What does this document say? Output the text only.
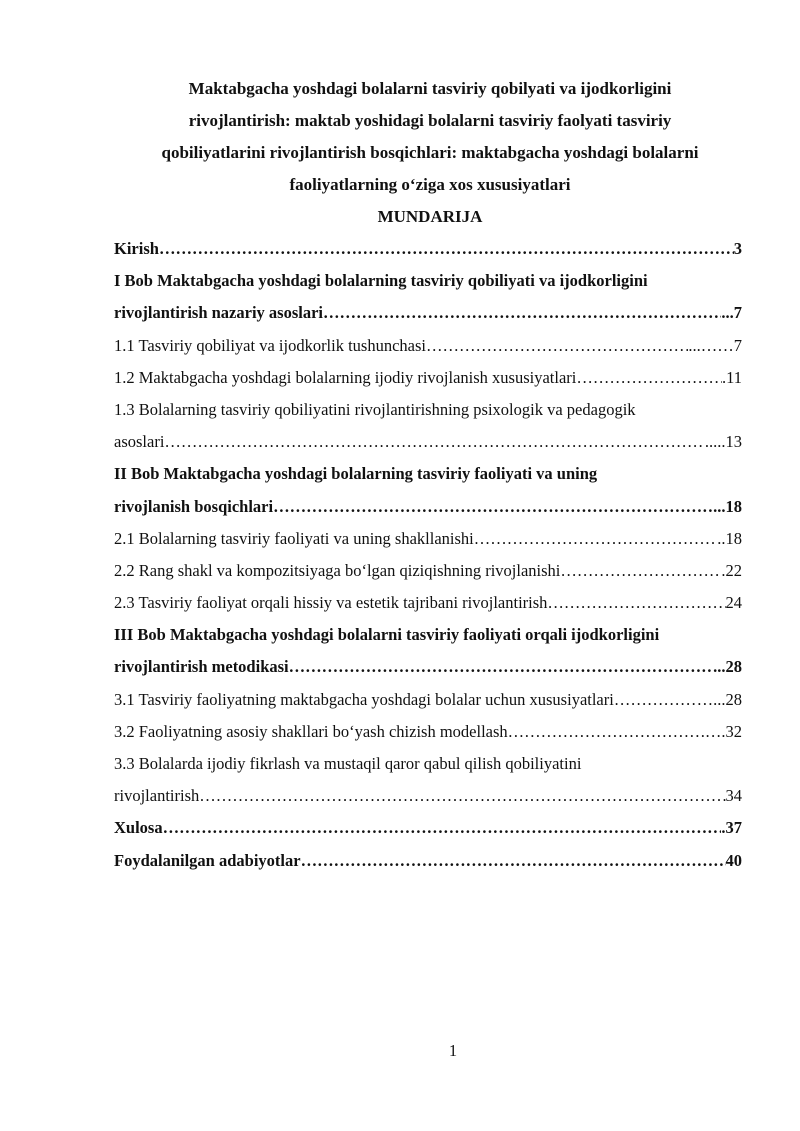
Maktabgacha yoshdagi bolalarni tasviriy qobilyati va ijodkorligini
rivojlantirish: maktab yoshidagi bolalarni tasviriy faolyati tasviriy
qobiliyatlarini rivojlantirish bosqichlari: maktabgacha yoshdagi bolalarni
faoliyatlarning o‘ziga xos xususiyatlari
MUNDARIJA
Kirish ………………………………………………………………………………………………………………………………………………	3
I Bob Maktabgacha yoshdagi bolalarning tasviriy qobiliyati va ijodkorligini
rivojlantirish nazariy asoslari ………………………………………………………………………………………………………………………………………………	...7
1.1 Tasviriy qobiliyat va ijodkorlik tushunchasi ………………………………………………………………………………………………………………………………………………	...……7
1.2 Maktabgacha yoshdagi bolalarning ijodiy rivojlanish xususiyatlari ………………………………………………………………………………………………………………………………………………	.11
1.3 Bolalarning tasviriy qobiliyatini rivojlantirishning psixologik va pedagogik
asoslari ………………………………………………………………………………………………………………………………………………	.....13
II Bob Maktabgacha yoshdagi bolalarning tasviriy faoliyati va uning
rivojlanish bosqichlari ………………………………………………………………………………………………………………………………………………	...18
2.1 Bolalarning tasviriy faoliyati va uning shakllanishi ………………………………………………………………………………………………………………………………………………	..18
2.2 Rang shakl va kompozitsiyaga bo‘lgan qiziqishning rivojlanishi ………………………………………………………………………………………………………………………………………………	.22
2.3 Tasviriy faoliyat orqali hissiy va estetik tajribani rivojlantirish ………………………………………………………………………………………………………………………………………………	24
III Bob Maktabgacha yoshdagi bolalarni tasviriy faoliyati orqali ijodkorligini
rivojlantirish metodikasi ………………………………………………………………………………………………………………………………………………	...28
3.1 Tasviriy faoliyatning maktabgacha yoshdagi bolalar uchun xususiyatlari ………………………………………………………………………………………………………………………………………………	…...28
3.2 Faoliyatning asosiy shakllari bo‘yash chizish modellash ………………………………………………………………………………………………………………………………………………	.….32
3.3 Bolalarda ijodiy fikrlash va mustaqil qaror qabul qilish qobiliyatini
rivojlantirish ………………………………………………………………………………………………………………………………………………	34
Xulosa ………………………………………………………………………………………………………………………………………………	.37
Foydalanilgan adabiyotlar ………………………………………………………………………………………………………………………………………………	40
1
